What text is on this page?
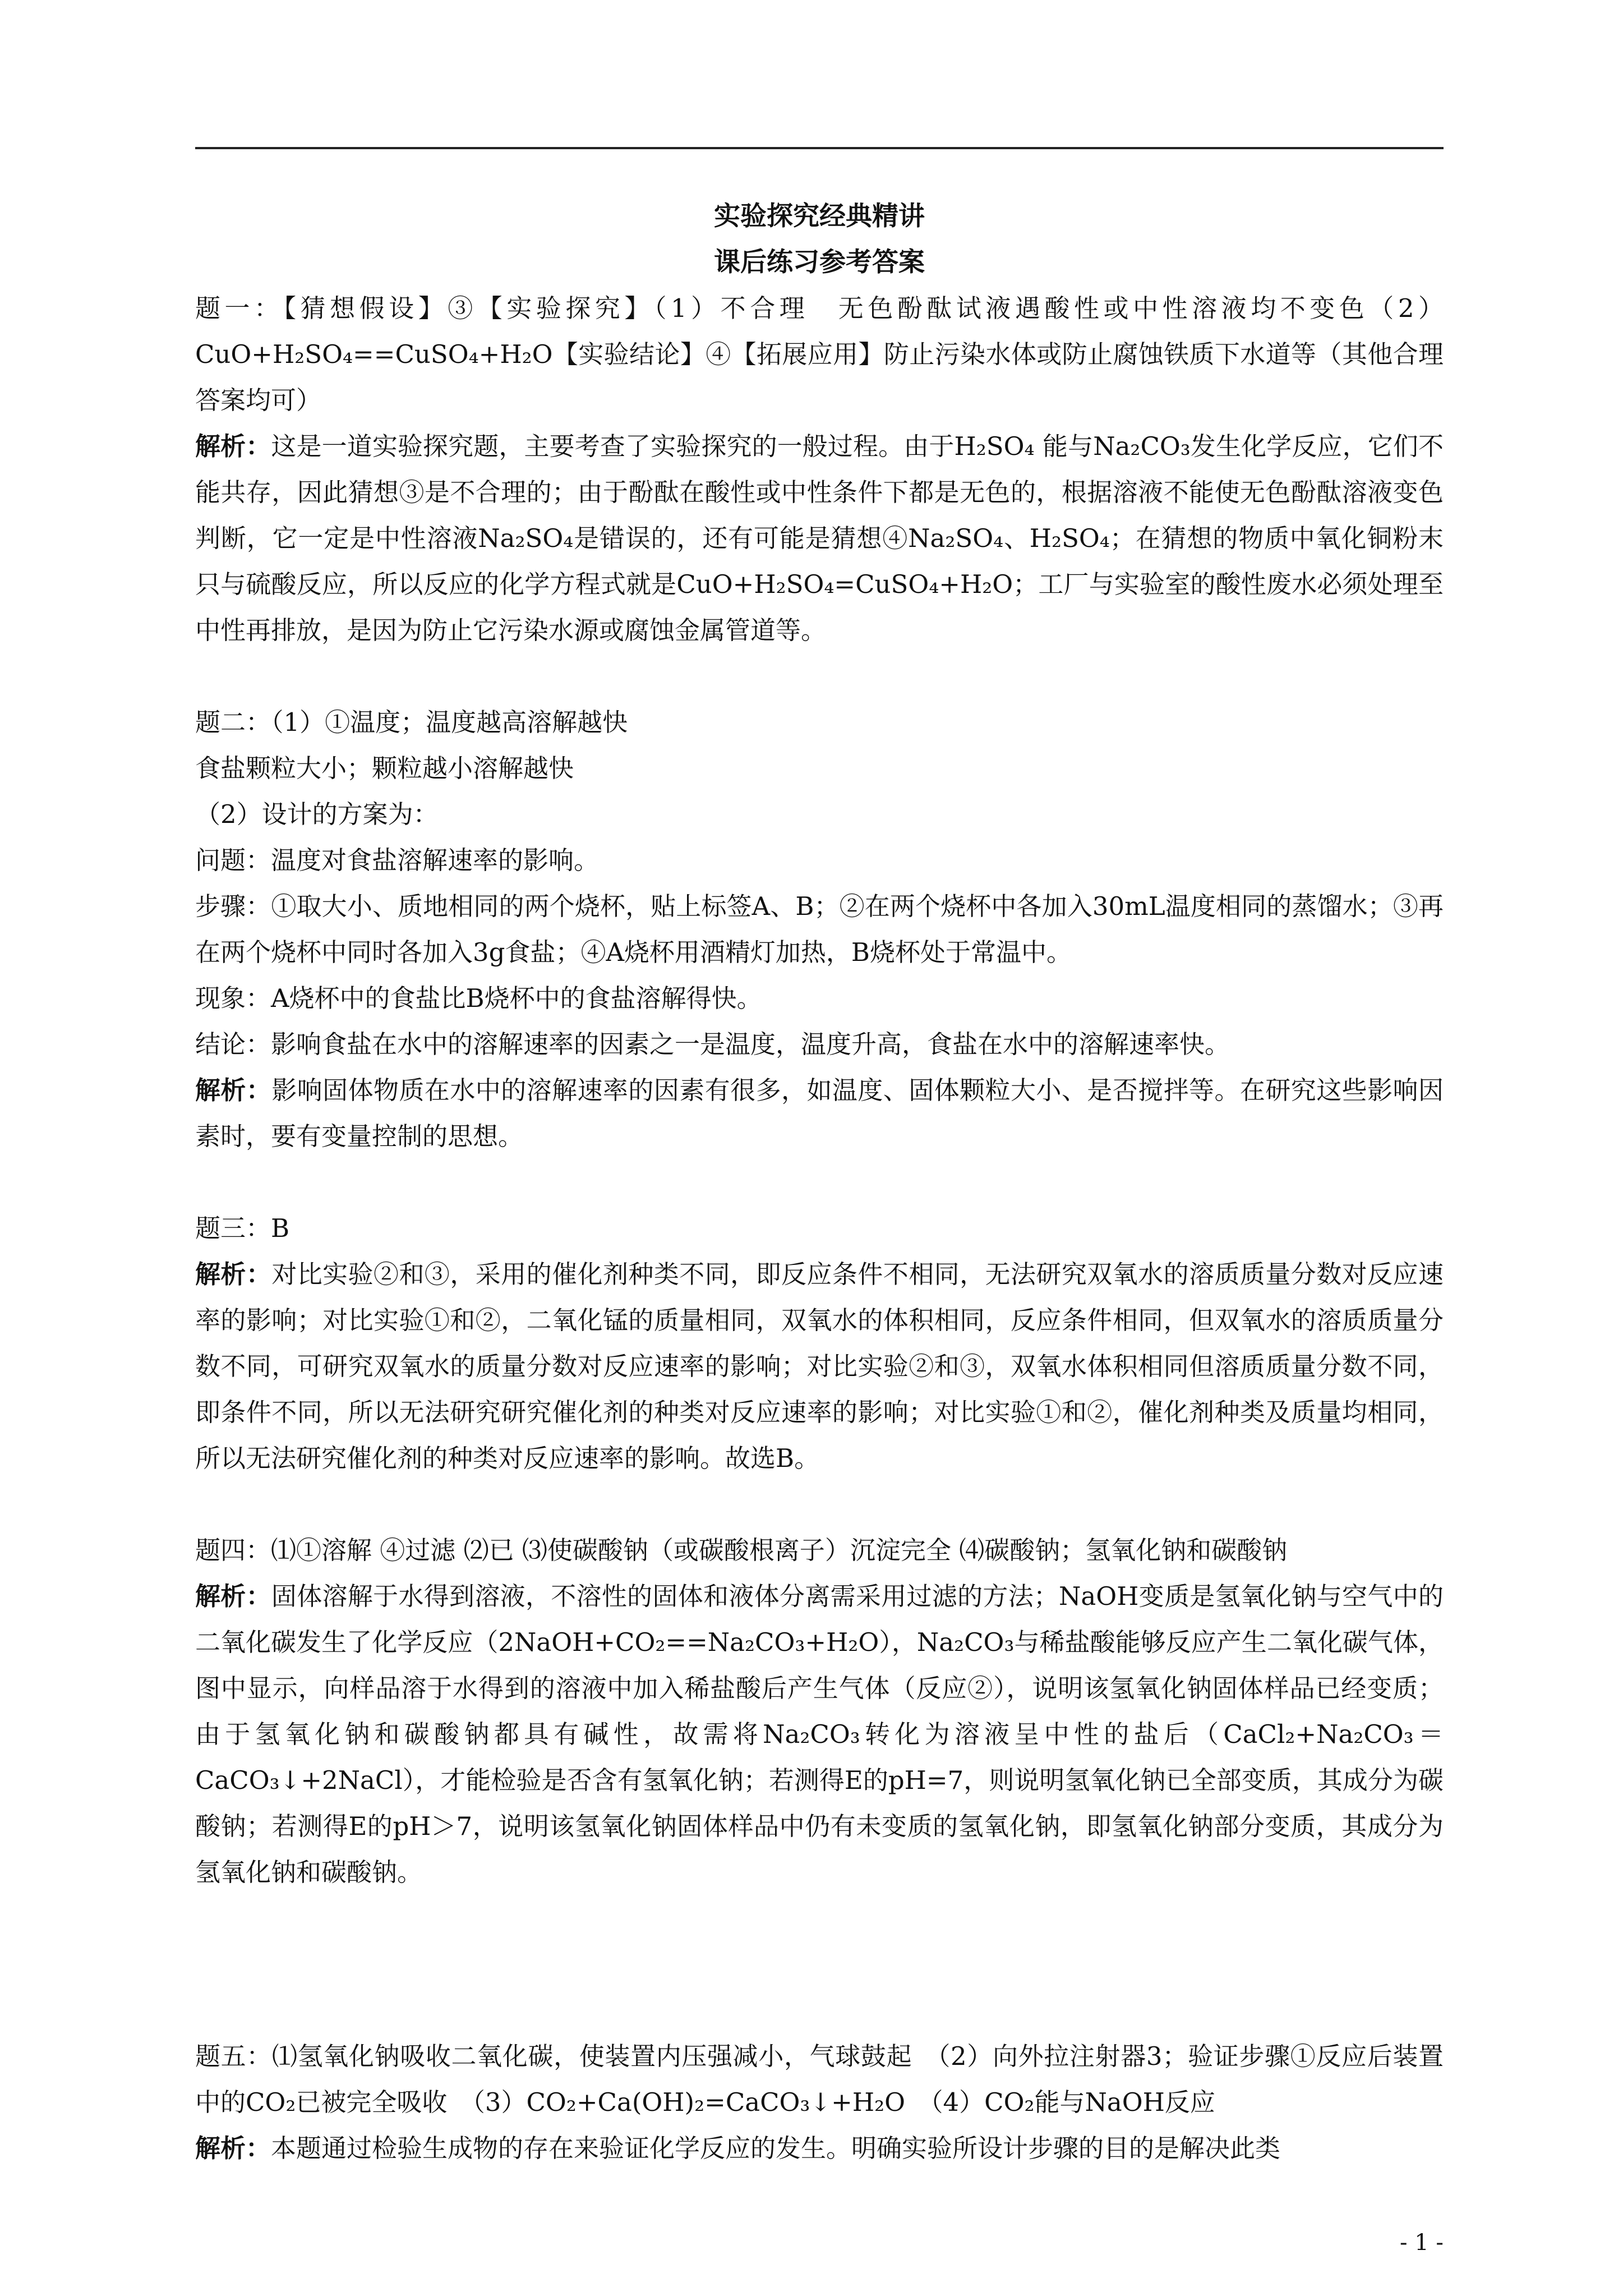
实验探究经典精讲
课后练习参考答案

题一：【猜想假设】③【实验探究】（1）不合理　无色酚酞试液遇酸性或中性溶液均不变色（2）CuO+H₂SO₄==CuSO₄+H₂O【实验结论】④【拓展应用】防止污染水体或防止腐蚀铁质下水道等（其他合理答案均可）

解析：这是一道实验探究题，主要考查了实验探究的一般过程。由于H₂SO₄ 能与Na₂CO₃发生化学反应，它们不能共存，因此猜想③是不合理的；由于酚酞在酸性或中性条件下都是无色的，根据溶液不能使无色酚酞溶液变色判断，它一定是中性溶液Na₂SO₄是错误的，还有可能是猜想④Na₂SO₄、H₂SO₄；在猜想的物质中氧化铜粉末只与硫酸反应，所以反应的化学方程式就是CuO+H₂SO₄=CuSO₄+H₂O；工厂与实验室的酸性废水必须处理至中性再排放，是因为防止它污染水源或腐蚀金属管道等。

题二：（1）①温度；温度越高溶解越快

食盐颗粒大小；颗粒越小溶解越快

（2）设计的方案为：

问题：温度对食盐溶解速率的影响。

步骤：①取大小、质地相同的两个烧杯，贴上标签A、B；②在两个烧杯中各加入30mL温度相同的蒸馏水；③再在两个烧杯中同时各加入3g食盐；④A烧杯用酒精灯加热，B烧杯处于常温中。

现象：A烧杯中的食盐比B烧杯中的食盐溶解得快。

结论：影响食盐在水中的溶解速率的因素之一是温度，温度升高，食盐在水中的溶解速率快。

解析：影响固体物质在水中的溶解速率的因素有很多，如温度、固体颗粒大小、是否搅拌等。在研究这些影响因素时，要有变量控制的思想。

题三：B

解析：对比实验②和③，采用的催化剂种类不同，即反应条件不相同，无法研究双氧水的溶质质量分数对反应速率的影响；对比实验①和②，二氧化锰的质量相同，双氧水的体积相同，反应条件相同，但双氧水的溶质质量分数不同，可研究双氧水的质量分数对反应速率的影响；对比实验②和③，双氧水体积相同但溶质质量分数不同，即条件不同，所以无法研究研究催化剂的种类对反应速率的影响；对比实验①和②，催化剂种类及质量均相同，所以无法研究催化剂的种类对反应速率的影响。故选B。

题四：⑴①溶解 ④过滤 ⑵已 ⑶使碳酸钠（或碳酸根离子）沉淀完全 ⑷碳酸钠；氢氧化钠和碳酸钠

解析：固体溶解于水得到溶液，不溶性的固体和液体分离需采用过滤的方法；NaOH变质是氢氧化钠与空气中的二氧化碳发生了化学反应（2NaOH+CO₂==Na₂CO₃+H₂O），Na₂CO₃与稀盐酸能够反应产生二氧化碳气体，图中显示，向样品溶于水得到的溶液中加入稀盐酸后产生气体（反应②），说明该氢氧化钠固体样品已经变质；由于氢氧化钠和碳酸钠都具有碱性，故需将Na₂CO₃转化为溶液呈中性的盐后（CaCl₂+Na₂CO₃＝CaCO₃↓+2NaCl），才能检验是否含有氢氧化钠；若测得E的pH=7，则说明氢氧化钠已全部变质，其成分为碳酸钠；若测得E的pH＞7，说明该氢氧化钠固体样品中仍有未变质的氢氧化钠，即氢氧化钠部分变质，其成分为氢氧化钠和碳酸钠。

题五：⑴氢氧化钠吸收二氧化碳，使装置内压强减小，气球鼓起　（2）向外拉注射器3；验证步骤①反应后装置中的CO₂已被完全吸收　（3）CO₂+Ca(OH)₂=CaCO₃↓+H₂O　（4）CO₂能与NaOH反应

解析：本题通过检验生成物的存在来验证化学反应的发生。明确实验所设计步骤的目的是解决此类

- 1 -
